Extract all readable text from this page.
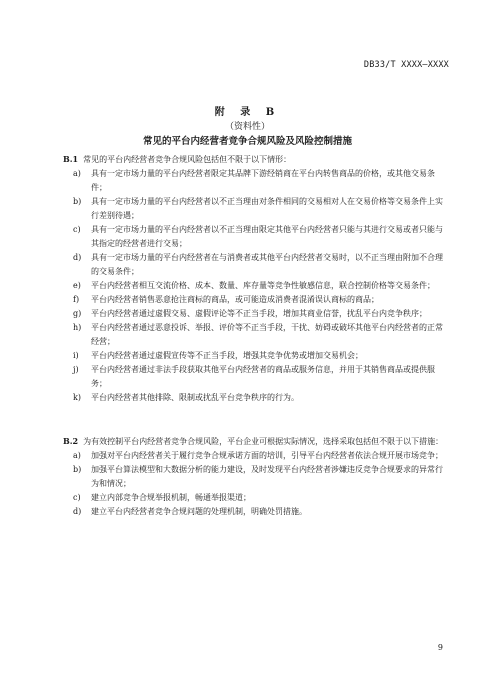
DB33/T XXXX—XXXX
附 录 B
（资料性）
常见的平台内经营者竞争合规风险及风险控制措施
B.1 常见的平台内经营者竞争合规风险包括但不限于以下情形：
a) 具有一定市场力量的平台内经营者限定其品牌下游经销商在平台内转售商品的价格，或其他交易条件；
b) 具有一定市场力量的平台内经营者以不正当理由对条件相同的交易相对人在交易价格等交易条件上实行差别待遇；
c) 具有一定市场力量的平台内经营者以不正当理由限定其他平台内经营者只能与其进行交易或者只能与其指定的经营者进行交易；
d) 具有一定市场力量的平台内经营者在与消费者或其他平台内经营者交易时，以不正当理由附加不合理的交易条件；
e) 平台内经营者相互交流价格、成本、数量、库存量等竞争性敏感信息，联合控制价格等交易条件；
f) 平台内经营者销售恶意抢注商标的商品，或可能造成消费者混淆误认商标的商品；
g) 平台内经营者通过虚假交易、虚假评论等不正当手段，增加其商业信誉，扰乱平台内竞争秩序；
h) 平台内经营者通过恶意投诉、举报、评价等不正当手段，干扰、妨碍或破坏其他平台内经营者的正常经营；
i) 平台内经营者通过虚假宣传等不正当手段，增强其竞争优势或增加交易机会；
j) 平台内经营者通过非法手段获取其他平台内经营者的商品或服务信息，并用于其销售商品或提供服务；
k) 平台内经营者其他排除、限制或扰乱平台竞争秩序的行为。
B.2 为有效控制平台内经营者竞争合规风险，平台企业可根据实际情况，选择采取包括但不限于以下措施：
a) 加强对平台内经营者关于履行竞争合规承诺方面的培训，引导平台内经营者依法合规开展市场竞争；
b) 加强平台算法模型和大数据分析的能力建设，及时发现平台内经营者涉嫌违反竞争合规要求的异常行为和情况；
c) 建立内部竞争合规举报机制，畅通举报渠道；
d) 建立平台内经营者竞争合规问题的处理机制，明确处罚措施。
9
